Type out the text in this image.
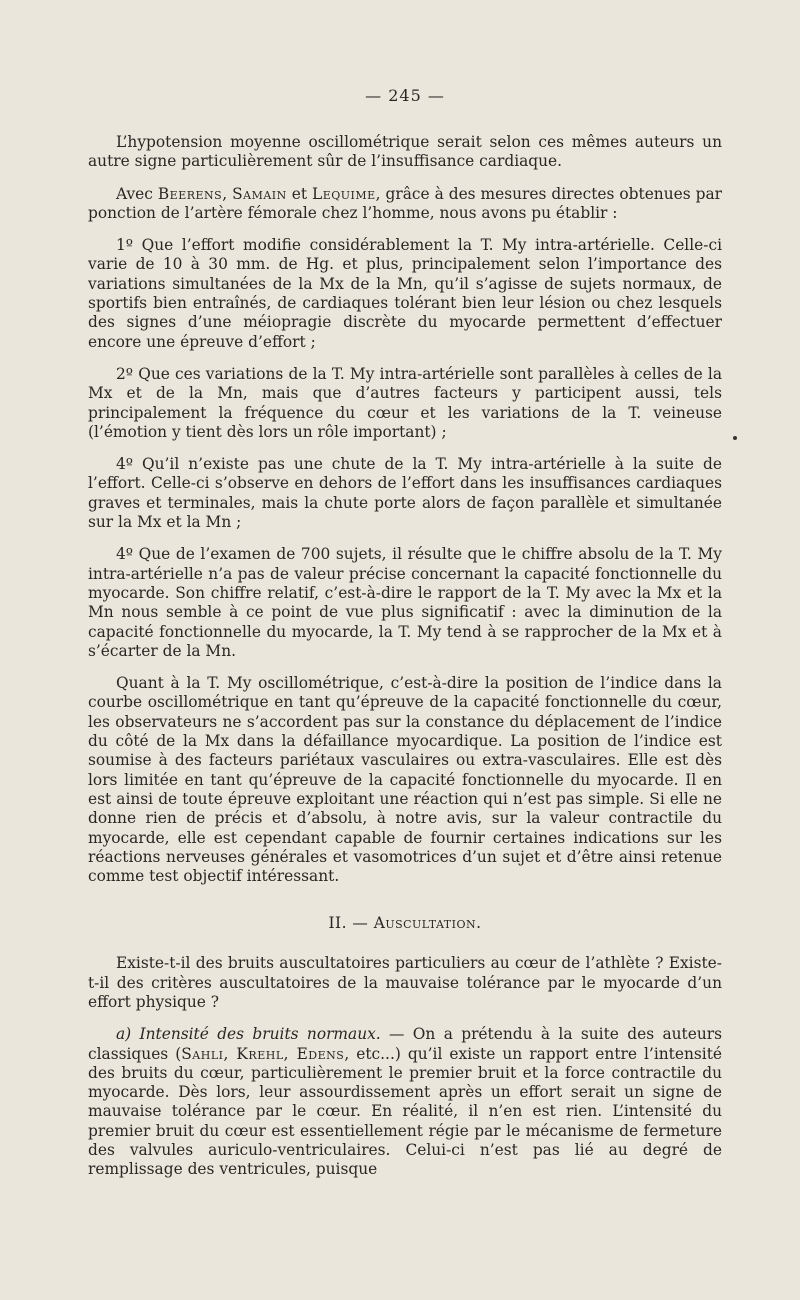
— 245 —

L’hypotension moyenne oscillométrique serait selon ces mêmes auteurs un autre signe particulièrement sûr de l’insuffisance cardiaque.

Avec Beerens, Samain et Lequime, grâce à des mesures directes obtenues par ponction de l’artère fémorale chez l’homme, nous avons pu établir :

1º Que l’effort modifie considérablement la T. My intra-artérielle. Celle-ci varie de 10 à 30 mm. de Hg. et plus, principalement selon l’importance des variations simultanées de la Mx de la Mn, qu’il s’agisse de sujets normaux, de sportifs bien entraînés, de cardiaques tolérant bien leur lésion ou chez lesquels des signes d’une méiopragie discrète du myocarde permettent d’effectuer encore une épreuve d’effort ;

2º Que ces variations de la T. My intra-artérielle sont parallèles à celles de la Mx et de la Mn, mais que d’autres facteurs y participent aussi, tels principalement la fréquence du cœur et les variations de la T. veineuse (l’émotion y tient dès lors un rôle important) ;

4º Qu’il n’existe pas une chute de la T. My intra-artérielle à la suite de l’effort. Celle-ci s’observe en dehors de l’effort dans les insuffisances cardiaques graves et terminales, mais la chute porte alors de façon parallèle et simultanée sur la Mx et la Mn ;

4º Que de l’examen de 700 sujets, il résulte que le chiffre absolu de la T. My intra-artérielle n’a pas de valeur précise concernant la capacité fonctionnelle du myocarde. Son chiffre relatif, c’est-à-dire le rapport de la T. My avec la Mx et la Mn nous semble à ce point de vue plus significatif : avec la diminution de la capacité fonctionnelle du myocarde, la T. My tend à se rapprocher de la Mx et à s’écarter de la Mn.

Quant à la T. My oscillométrique, c’est-à-dire la position de l’indice dans la courbe oscillométrique en tant qu’épreuve de la capacité fonctionnelle du cœur, les observateurs ne s’accordent pas sur la constance du déplacement de l’indice du côté de la Mx dans la défaillance myocardique. La position de l’indice est soumise à des facteurs pariétaux vasculaires ou extra-vasculaires. Elle est dès lors limitée en tant qu’épreuve de la capacité fonctionnelle du myocarde. Il en est ainsi de toute épreuve exploitant une réaction qui n’est pas simple. Si elle ne donne rien de précis et d’absolu, à notre avis, sur la valeur contractile du myocarde, elle est cependant capable de fournir certaines indications sur les réactions nerveuses générales et vasomotrices d’un sujet et d’être ainsi retenue comme test objectif intéressant.

II. — Auscultation.

Existe-t-il des bruits auscultatoires particuliers au cœur de l’athlète ? Existe-t-il des critères auscultatoires de la mauvaise tolérance par le myocarde d’un effort physique ?

a) Intensité des bruits normaux. — On a prétendu à la suite des auteurs classiques (Sahli, Krehl, Edens, etc...) qu’il existe un rapport entre l’intensité des bruits du cœur, particulièrement le premier bruit et la force contractile du myocarde. Dès lors, leur assourdissement après un effort serait un signe de mauvaise tolérance par le cœur. En réalité, il n’en est rien. L’intensité du premier bruit du cœur est essentiellement régie par le mécanisme de fermeture des valvules auriculo-ventriculaires. Celui-ci n’est pas lié au degré de remplissage des ventricules, puisque
